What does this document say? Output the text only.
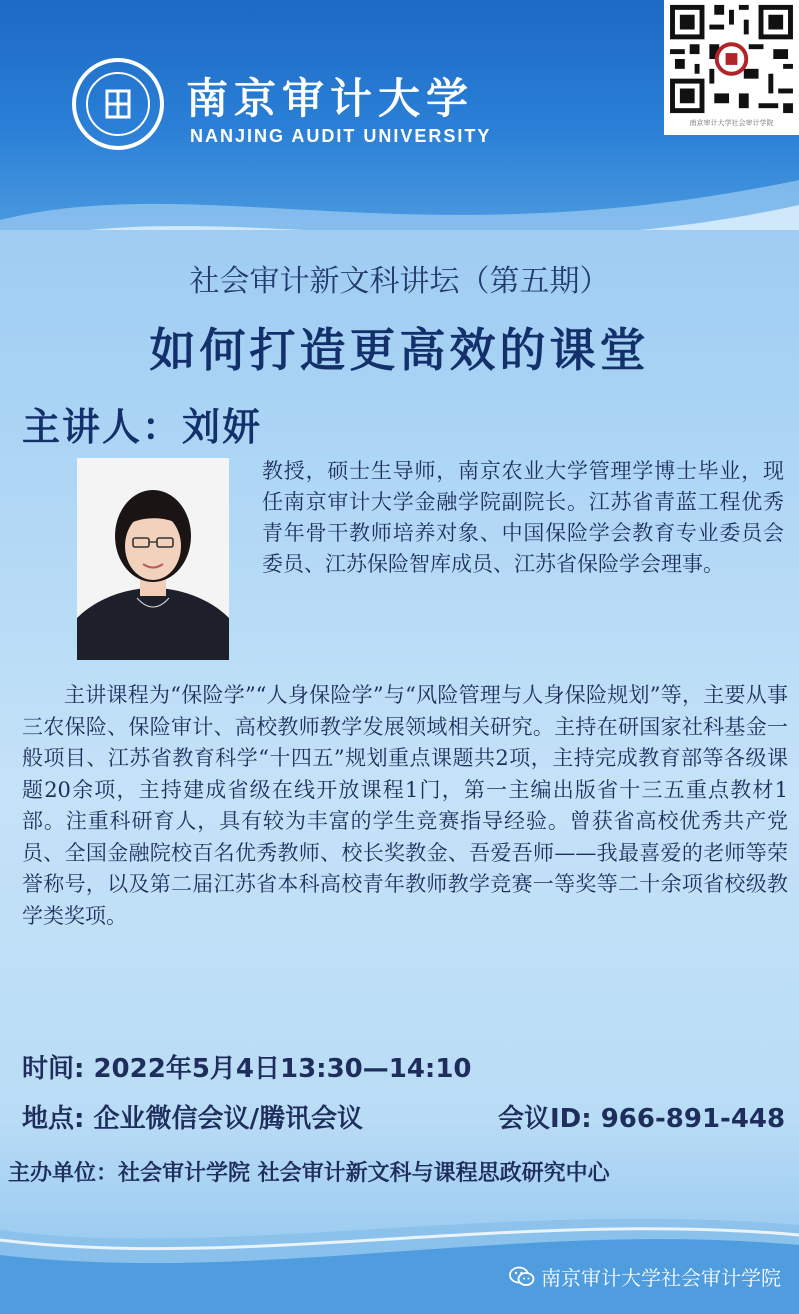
南京审计大学
NANJING AUDIT UNIVERSITY
南京审计大学社会审计学院
社会审计新文科讲坛（第五期）
如何打造更高效的课堂
主讲人：刘妍
教授，硕士生导师，南京农业大学管理学博士毕业，现任南京审计大学金融学院副院长。江苏省青蓝工程优秀青年骨干教师培养对象、中国保险学会教育专业委员会委员、江苏保险智库成员、江苏省保险学会理事。
主讲课程为“保险学”“人身保险学”与“风险管理与人身保险规划”等，主要从事三农保险、保险审计、高校教师教学发展领域相关研究。主持在研国家社科基金一般项目、江苏省教育科学“十四五”规划重点课题共2项，主持完成教育部等各级课题20余项，主持建成省级在线开放课程1门，第一主编出版省十三五重点教材1部。注重科研育人，具有较为丰富的学生竞赛指导经验。曾获省高校优秀共产党员、全国金融院校百名优秀教师、校长奖教金、吾爱吾师——我最喜爱的老师等荣誉称号，以及第二届江苏省本科高校青年教师教学竞赛一等奖等二十余项省校级教学类奖项。
时间: 2022年5月4日13:30—14:10
地点: 企业微信会议/腾讯会议	会议ID: 966-891-448
主办单位：社会审计学院 社会审计新文科与课程思政研究中心
南京审计大学社会审计学院
